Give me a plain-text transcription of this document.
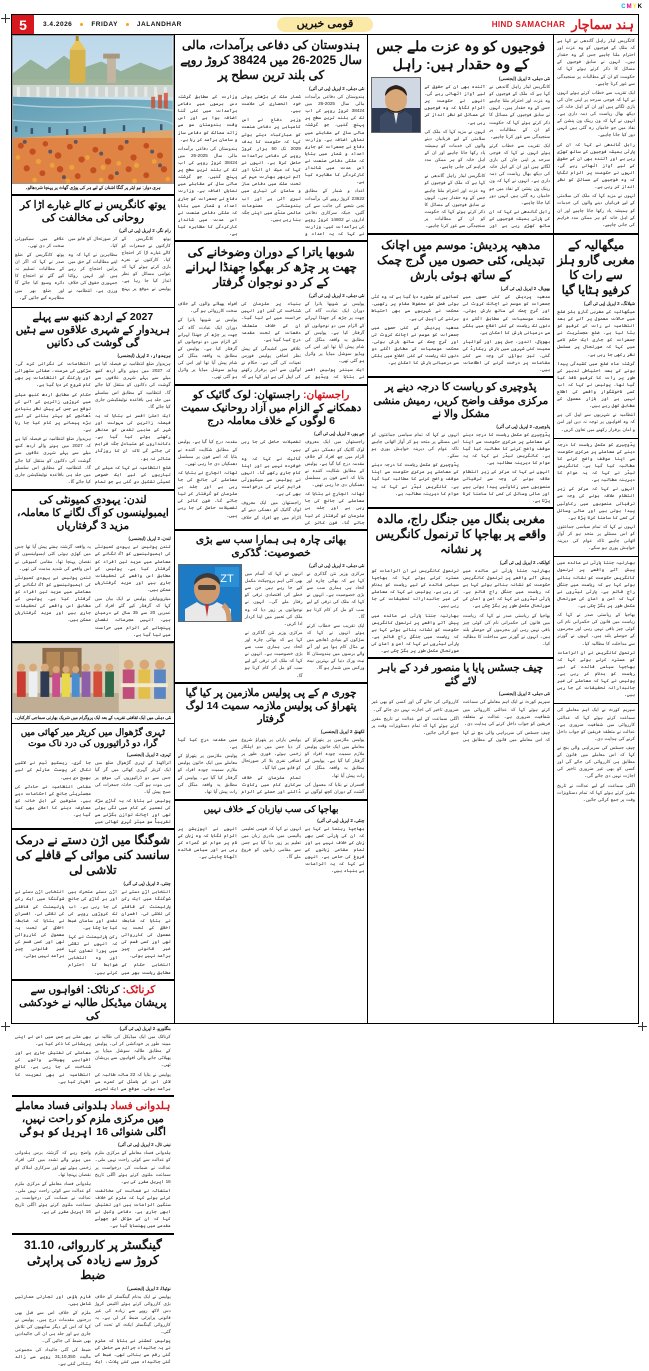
CMYK
5	3.4.2026	FRIDAY	JALANDHAR	قومی خبریں	HIND SAMACHAR ہند سماچار

کانگریس لیڈر راہل گاندھی نے کہا ہے کہ ملک کے فوجیوں کو وہ عزت اور احترام ملنا چاہیے جس کے وہ حقدار ہیں۔ انہوں نے سابق فوجیوں کے مسائل کا ذکر کرتے ہوئے کہا کہ حکومت کو ان کے مطالبات پر سنجیدگی سے غور کرنا چاہیے۔

ایک تقریب سے خطاب کرتے ہوئے انہوں نے کہا کہ فوجی سرحد پر اپنی جان کی بازی لگاتے ہیں اور ان کے اہل خانہ کی دیکھ بھال ریاست کی ذمہ داری ہے۔ انہوں نے کہا کہ ون رینک ون پنشن کے نفاذ میں جو خامیاں رہ گئی ہیں انہیں دور کیا جانا چاہیے۔

راہل گاندھی نے کہا کہ ان کی پارٹی ہمیشہ فوجیوں کے ساتھ کھڑی رہی ہے اور آئندہ بھی ان کے حقوق کے لیے آواز اٹھاتی رہے گی۔ انہوں نے حکومت پر الزام لگایا کہ وہ فوجیوں کے مسائل کو نظر انداز کر رہی ہے۔

انہوں نے مزید کہا کہ ملک کی سلامتی کے لیے قربانیاں دینے والوں کی خدمات کو ہمیشہ یاد رکھا جانا چاہیے اور ان کے اہل خانہ کو ہر ممکن مدد فراہم کی جانی چاہیے۔

میگھالیہ کے مغربی گارو ہلز سے رات کا کرفیو ہٹایا گیا
شیلانگ، 2 اپریل (پی ٹی آئی)

میگھالیہ کے مغربی گارو ہلز ضلع میں حالات معمول پر آنے کے بعد انتظامیہ نے رات کے کرفیو کو ہٹا لیا ہے۔ ضلع مجسٹریٹ نے جمعرات کو جاری ایک حکم نامے میں کہا کہ صورتحال پر مسلسل نظر رکھی جا رہی ہے۔

گزشتہ ماہ ضلع میں کشیدگی پیدا ہونے کے بعد احتیاطی تدبیر کے طور پر رات کا کرفیو نافذ کیا گیا تھا۔ پولیس نے کہا کہ اب کسی ناخوشگوار واقعے کی اطلاع نہیں ہے اور بازار معمول کے مطابق کھل رہے ہیں۔

انتظامیہ نے شہریوں سے اپیل کی ہے کہ وہ افواہوں پر توجہ نہ دیں اور امن و امان برقرار رکھنے میں تعاون کریں۔

پڈوچیری کو مکمل ریاست کا درجہ دینے کے معاملے پر مرکزی حکومت سے اپنا موقف واضح کرنے کا مطالبہ کیا گیا ہے۔ کانگریس لیڈر نے کہا کہ یہ عوام کا دیرینہ مطالبہ ہے۔

انہوں نے کہا کہ مرکز کے زیر انتظام علاقہ ہونے کی وجہ سے ترقیاتی منصوبوں میں رکاوٹیں پیدا ہوتی ہیں اور مالی وسائل کی کمی کا سامنا کرنا پڑتا ہے۔

انہوں نے کہا کہ تمام سیاسی جماعتوں کو اس مسئلے پر متحد ہو کر آواز اٹھانی چاہیے تاکہ عوام کی دیرینہ خواہش پوری ہو سکے۔

بھارتیہ جنتا پارٹی نے مالدہ میں پیش آئے واقعے پر ترنمول کانگریس حکومت کو نشانہ بناتے ہوئے کہا ہے کہ ریاست میں جنگل راج قائم ہے۔ پارٹی لیڈروں نے کہا کہ امن و امان کی صورتحال مکمل طور پر بگڑ چکی ہے۔

بھاجپا کے ریاستی صدر نے کہا کہ ریاست میں قانون کی حکمرانی نام کی کوئی چیز باقی نہیں رہی اور مجرموں کے حوصلے بلند ہیں۔ انہوں نے گورنر سے مداخلت کا مطالبہ کیا۔

ترنمول کانگریس نے ان الزامات کو مسترد کرتے ہوئے کہا کہ بھاجپا سیاسی فائدے کے لیے ریاست کو بدنام کر رہی ہے۔ پولیس نے کہا کہ معاملے کی غیر جانبدارانہ تحقیقات کی جا رہی ہیں۔

سپریم کورٹ نے ایک اہم معاملے کی سماعت کرتے ہوئے کہا کہ عدالتی کارروائی میں شفافیت ضروری ہے۔ عدالت نے متعلقہ فریقین کو جواب داخل کرنے کی ہدایت دی۔

چیف جسٹس کی سربراہی والی بنچ نے کہا کہ اس معاملے میں قانون کے مطابق ہی کارروائی کی جائے گی اور کسی کو بھی غیر ضروری تاخیر کی اجازت نہیں دی جائے گی۔

اگلی سماعت کے لیے عدالت نے تاریخ مقرر کرتے ہوئے کہا کہ تمام دستاویزات وقت پر جمع کرائی جائیں۔

فوجیوں کو وہ عزت ملے جس کے وہ حقدار ہیں: راہل
نئی دہلی، 2 اپریل (ایجنسی)

کانگریس لیڈر راہل گاندھی نے کہا ہے کہ ملک کے فوجیوں کو وہ عزت اور احترام ملنا چاہیے جس کے وہ حقدار ہیں۔ انہوں نے سابق فوجیوں کے مسائل کا ذکر کرتے ہوئے کہا کہ حکومت کو ان کے مطالبات پر سنجیدگی سے غور کرنا چاہیے۔

ایک تقریب سے خطاب کرتے ہوئے انہوں نے کہا کہ فوجی سرحد پر اپنی جان کی بازی لگاتے ہیں اور ان کے اہل خانہ کی دیکھ بھال ریاست کی ذمہ داری ہے۔ انہوں نے کہا کہ ون رینک ون پنشن کے نفاذ میں جو خامیاں رہ گئی ہیں انہیں دور کیا جانا چاہیے۔

راہل گاندھی نے کہا کہ ان کی پارٹی ہمیشہ فوجیوں کے ساتھ کھڑی رہی ہے اور آئندہ بھی ان کے حقوق کے لیے آواز اٹھاتی رہے گی۔ انہوں نے حکومت پر الزام لگایا کہ وہ فوجیوں کے مسائل کو نظر انداز کر رہی ہے۔

انہوں نے مزید کہا کہ ملک کی سلامتی کے لیے قربانیاں دینے والوں کی خدمات کو ہمیشہ یاد رکھا جانا چاہیے اور ان کے اہل خانہ کو ہر ممکن مدد فراہم کی جانی چاہیے۔

کانگریس لیڈر راہل گاندھی نے کہا ہے کہ ملک کے فوجیوں کو وہ عزت اور احترام ملنا چاہیے جس کے وہ حقدار ہیں۔ انہوں نے سابق فوجیوں کے مسائل کا ذکر کرتے ہوئے کہا کہ حکومت کو ان کے مطالبات پر سنجیدگی سے غور کرنا چاہیے۔

مدھیہ پردیش: موسم میں اچانک تبدیلی، کئی حصوں میں گرج چمک کے ساتھ ہوئی بارش
بھوپال، 2 اپریل (پی ٹی آئی)

مدھیہ پردیش کے کئی حصوں میں جمعرات کو موسم نے اچانک کروٹ لی اور گرج چمک کے ساتھ بارش ہوئی۔ محکمہ موسمیات کے مطابق اگلے دو دنوں تک ریاست کے کئی اضلاع میں ہلکی سے درمیانی بارش کا امکان ہے۔

بھوپال، اندور، جبل پور اور گوالیار سمیت کئی شہروں میں بارش ریکارڈ کی گئی۔ تیز ہواؤں کی وجہ سے کئی مقامات پر درخت گرنے کی اطلاعات ہیں۔

کسانوں کو مشورہ دیا گیا ہے کہ وہ کٹی ہوئی فصل کو محفوظ مقام پر رکھیں۔ محکمہ نے شہریوں سے بھی احتیاط برتنے کی اپیل کی ہے۔

مدھیہ پردیش کے کئی حصوں میں جمعرات کو موسم نے اچانک کروٹ لی اور گرج چمک کے ساتھ بارش ہوئی۔ محکمہ موسمیات کے مطابق اگلے دو دنوں تک ریاست کے کئی اضلاع میں ہلکی سے درمیانی بارش کا امکان ہے۔

پڈوچیری کو ریاست کا درجہ دینے پر مرکزی موقف واضح کریں، رمیش منشی مشکل والا نے
پڈوچیری، 2 اپریل (پی ٹی آئی)

پڈوچیری کو مکمل ریاست کا درجہ دینے کے معاملے پر مرکزی حکومت سے اپنا موقف واضح کرنے کا مطالبہ کیا گیا ہے۔ کانگریس لیڈر نے کہا کہ یہ عوام کا دیرینہ مطالبہ ہے۔

انہوں نے کہا کہ مرکز کے زیر انتظام علاقہ ہونے کی وجہ سے ترقیاتی منصوبوں میں رکاوٹیں پیدا ہوتی ہیں اور مالی وسائل کی کمی کا سامنا کرنا پڑتا ہے۔

انہوں نے کہا کہ تمام سیاسی جماعتوں کو اس مسئلے پر متحد ہو کر آواز اٹھانی چاہیے تاکہ عوام کی دیرینہ خواہش پوری ہو سکے۔

پڈوچیری کو مکمل ریاست کا درجہ دینے کے معاملے پر مرکزی حکومت سے اپنا موقف واضح کرنے کا مطالبہ کیا گیا ہے۔ کانگریس لیڈر نے کہا کہ یہ عوام کا دیرینہ مطالبہ ہے۔

مغربی بنگال میں جنگل راج، مالدہ واقعے پر بھاجپا کا ترنمول کانگریس پر نشانہ
کولکتہ، 2 اپریل (پی ٹی آئی)

بھارتیہ جنتا پارٹی نے مالدہ میں پیش آئے واقعے پر ترنمول کانگریس حکومت کو نشانہ بناتے ہوئے کہا ہے کہ ریاست میں جنگل راج قائم ہے۔ پارٹی لیڈروں نے کہا کہ امن و امان کی صورتحال مکمل طور پر بگڑ چکی ہے۔

بھاجپا کے ریاستی صدر نے کہا کہ ریاست میں قانون کی حکمرانی نام کی کوئی چیز باقی نہیں رہی اور مجرموں کے حوصلے بلند ہیں۔ انہوں نے گورنر سے مداخلت کا مطالبہ کیا۔

ترنمول کانگریس نے ان الزامات کو مسترد کرتے ہوئے کہا کہ بھاجپا سیاسی فائدے کے لیے ریاست کو بدنام کر رہی ہے۔ پولیس نے کہا کہ معاملے کی غیر جانبدارانہ تحقیقات کی جا رہی ہیں۔

بھارتیہ جنتا پارٹی نے مالدہ میں پیش آئے واقعے پر ترنمول کانگریس حکومت کو نشانہ بناتے ہوئے کہا ہے کہ ریاست میں جنگل راج قائم ہے۔ پارٹی لیڈروں نے کہا کہ امن و امان کی صورتحال مکمل طور پر بگڑ چکی ہے۔

چیف جسٹس پایا یا منصور فرد کے باہر لائے گئے
نئی دہلی، 2 اپریل (ایجنسی)

سپریم کورٹ نے ایک اہم معاملے کی سماعت کرتے ہوئے کہا کہ عدالتی کارروائی میں شفافیت ضروری ہے۔ عدالت نے متعلقہ فریقین کو جواب داخل کرنے کی ہدایت دی۔

چیف جسٹس کی سربراہی والی بنچ نے کہا کہ اس معاملے میں قانون کے مطابق ہی کارروائی کی جائے گی اور کسی کو بھی غیر ضروری تاخیر کی اجازت نہیں دی جائے گی۔

اگلی سماعت کے لیے عدالت نے تاریخ مقرر کرتے ہوئے کہا کہ تمام دستاویزات وقت پر جمع کرائی جائیں۔

ہندوستان کی دفاعی برآمدات، مالی سال 2025-26 میں 38424 کروڑ روپے کی بلند ترین سطح پر
نئی دہلی، 2 اپریل (پی ٹی آئی)

ہندوستان کی دفاعی برآمدات مالی سال 2025-26 میں 38424 کروڑ روپے کی اب تک کی بلند ترین سطح پر پہنچ گئیں، جو گزشتہ مالی سال کے مقابلے میں نمایاں اضافہ ہے۔ وزارت دفاع نے جمعرات کو جاری اعداد و شمار میں بتایا کہ ملکی دفاعی صنعت نے اس مدت میں شاندار کارکردگی کا مظاہرہ کیا ہے۔

اعداد و شمار کے مطابق 23622 کروڑ روپے کی برآمدات نجی شعبے کی جانب سے کی گئیں، جبکہ سرکاری دفاعی اداروں نے 14802 کروڑ روپے کی برآمدات کیں۔ وزارت نے کہا کہ یہ اعداد و شمار ملک کی بڑھتی ہوئی خود انحصاری کی علامت ہیں۔

وزیر دفاع نے اس کامیابی پر دفاعی صنعت کو مبارکباد دیتے ہوئے کہا کہ حکومت کا ہدف 2029 تک 50 ہزار کروڑ روپے کی دفاعی برآمدات حاصل کرنا ہے۔ انہوں نے کہا کہ میک ان انڈیا اور آتم نربھر بھارت مہم کے تحت ملک میں دفاعی ساز و سامان کی تیاری میں تیزی آئی ہے اور اب ہندوستانی مصنوعات عالمی منڈی میں اپنی جگہ بنا رہی ہیں۔

وزارت کے مطابق گزشتہ دس برسوں میں دفاعی برآمدات میں کئی گنا اضافہ ہوا ہے اور اس وقت ہندوستان سو سے زائد ممالک کو دفاعی ساز و سامان برآمد کر رہا ہے۔

ہندوستان کی دفاعی برآمدات مالی سال 2025-26 میں 38424 کروڑ روپے کی اب تک کی بلند ترین سطح پر پہنچ گئیں، جو گزشتہ مالی سال کے مقابلے میں نمایاں اضافہ ہے۔ وزارت دفاع نے جمعرات کو جاری اعداد و شمار میں بتایا کہ ملکی دفاعی صنعت نے اس مدت میں شاندار کارکردگی کا مظاہرہ کیا ہے۔

شوبھا یاترا کے دوران وضوخانے کی چھت پر چڑھ کر بھگوا جھنڈا لہرانے کے کر دو نوجوان گرفتار
نئی دہلی، 2 اپریل (پی ٹی آئی)

پولیس نے شوبھا یاترا کے دوران ایک عبادت گاہ کی چھت پر چڑھ کر جھنڈا لہرانے کے الزام میں دو نوجوانوں کو گرفتار کیا ہے۔ پولیس کے مطابق یہ واقعہ منگل کی شام پیش آیا تھا اور اس کی ویڈیو سوشل میڈیا پر وائرل ہو گئی تھی۔

ایک سینئر پولیس افسر نے بتایا کہ ویڈیو کی بنیاد پر ملزمان کی شناخت کی گئی اور انہیں حراست میں لے لیا گیا۔ ان کے خلاف متعلقہ دفعات کے تحت مقدمہ درج کیا گیا ہے۔

علاقے میں کشیدگی کے پیش نظر اضافی پولیس فورس تعینات کی گئی ہے۔ حکام نے لوگوں سے امن برقرار رکھنے کی اپیل کی ہے اور کہا ہے کہ افواہ پھیلانے والوں کے خلاف سخت کارروائی ہو گی۔

پولیس نے شوبھا یاترا کے دوران ایک عبادت گاہ کی چھت پر چڑھ کر جھنڈا لہرانے کے الزام میں دو نوجوانوں کو گرفتار کیا ہے۔ پولیس کے مطابق یہ واقعہ منگل کی شام پیش آیا تھا اور اس کی ویڈیو سوشل میڈیا پر وائرل ہو گئی تھی۔

راجستھان: راجستھان: لوک گائیک کو دھمکانے کے الزام میں آزاد روحانیک سمیت 6 لوگوں کے خلاف معاملہ درج
جے پور، 2 اپریل (پی ٹی آئی)

راجستھان میں ایک معروف لوک گائیک کو دھمکی دینے کے الزام میں چھ افراد کے خلاف مقدمہ درج کیا گیا ہے۔ پولیس کے مطابق شکایت کنندہ نے بتایا کہ اسے فون پر مسلسل دھمکیاں دی جا رہی تھیں۔

تھانہ انچارج نے بتایا کہ معاملے کی جانچ کی جا رہی ہے اور جلد ہی ملزمان کو گرفتار کر لیا جائے گا۔ فون کالز کی تفصیلات حاصل کی جا رہی ہیں۔

گائیک نے کہا کہ وہ خوفزدہ نہیں ہے اور اپنا کام جاری رکھے گا۔ انہوں نے پولیس سے سیکیورٹی فراہم کرنے کی درخواست بھی کی ہے۔

راجستھان میں ایک معروف لوک گائیک کو دھمکی دینے کے الزام میں چھ افراد کے خلاف مقدمہ درج کیا گیا ہے۔ پولیس کے مطابق شکایت کنندہ نے بتایا کہ اسے فون پر مسلسل دھمکیاں دی جا رہی تھیں۔

تھانہ انچارج نے بتایا کہ معاملے کی جانچ کی جا رہی ہے اور جلد ہی ملزمان کو گرفتار کر لیا جائے گا۔ فون کالز کی تفصیلات حاصل کی جا رہی ہیں۔

بھائی چارہ ہی ہمارا سب سے بڑی خصوصیت: گڈکری
ZT
نئی دہلی، 2 اپریل (پی ٹی آئی)

مرکزی وزیر نتن گڈکری نے کہا ہے کہ بھائی چارہ اور اتحاد ہی ہماری سب سے بڑی خصوصیت ہے۔ انہوں نے کہا کہ ملک کی ترقی کے لیے سب کو مل کر کام کرنا ہو گا۔

ایک تقریب سے خطاب کرتے ہوئے انہوں نے کہا کہ سڑکوں کے بنیادی ڈھانچے میں بے مثال کام ہوا ہے اور آنے والے برسوں میں ہندوستان کا نیٹ ورک دنیا کے بہترین نیٹ ورکس میں شمار ہو گا۔

انہوں نے کہا کہ آسام میں بھی کئی اہم پروجیکٹ مکمل کیے جا رہے ہیں جن سے خطے کی اقتصادی ترقی کو رفتار ملے گی۔ انہوں نے نوجوانوں پر زور دیا کہ وہ ملک کی تعمیر میں اپنا کردار ادا کریں۔

مرکزی وزیر نتن گڈکری نے کہا ہے کہ بھائی چارہ اور اتحاد ہی ہماری سب سے بڑی خصوصیت ہے۔ انہوں نے کہا کہ ملک کی ترقی کے لیے سب کو مل کر کام کرنا ہو گا۔

چوری م کے پی پولیس ملازمین پر کیا گیا پتھراؤ کی پولیس ملازمہ سمیت 14 لوگ گرفتار
لکھنؤ، 2 اپریل (ایجنسی)

پولیس ملازمین پر پتھراؤ کے معاملے میں ایک خاتون پولیس ملازم سمیت چودہ افراد کو گرفتار کیا گیا ہے۔ پولیس کے مطابق یہ واقعہ منگل کی رات پیش آیا تھا۔

افسران نے بتایا کہ معمول کی گشت کے دوران کچھ لوگوں نے پولیس پارٹی پر پتھراؤ شروع کر دیا جس میں دو اہلکار زخمی ہوئے۔ فوری طور پر اضافی نفری بلا کر صورتحال کو قابو میں کیا گیا۔

تمام ملزمان کے خلاف سرکاری کام میں رکاوٹ ڈالنے اور حملے کے الزام میں مقدمہ درج کیا گیا ہے۔

پولیس ملازمین پر پتھراؤ کے معاملے میں ایک خاتون پولیس ملازم سمیت چودہ افراد کو گرفتار کیا گیا ہے۔ پولیس کے مطابق یہ واقعہ منگل کی رات پیش آیا تھا۔

بھاجپا کی سب نیازبان کے خلاف نہیں
چنئی، 2 اپریل (پی ٹی آئی)

بھاجپا رہنما نے کہا ہے کہ ان کی پارٹی کسی بھی زبان کے خلاف نہیں ہے اور تمام مقامی زبانوں کے فروغ کی حامی ہے۔ انہوں نے کہا کہ یہ الزامات بے بنیاد ہیں۔

انہوں نے کہا کہ قومی تعلیمی پالیسی میں مادری زبان میں تعلیم پر زور دیا گیا ہے جس سے مقامی زبانوں کو فروغ ملے گا۔

انہوں نے اپوزیشن پر الزام لگایا کہ وہ زبان کے نام پر عوام کو گمراہ کر رہی ہے اور سیاسی فائدہ اٹھانا چاہتی ہے۔

ہری دوار: نیو ایئر پر گنگا اشنان کے لیے ہر کی پوڑی گھاٹ پر پہنچا شردھالو۔
یوتھ کانگریس نے کالے غبارے اڑا کر روحانی کی مخالفت کی
رام نگر، 2 اپریل (پی ٹی آئی)

یوتھ کانگریس کے کارکنوں نے جمعرات کو کالے غبارے اڑا کر احتجاج کیا۔ کارکنوں نے نعرے بازی کرتے ہوئے کہا کہ عوامی مسائل کو نظر انداز کیا جا رہا ہے۔ پولیس نے موقع پر پہنچ کر صورتحال کو قابو میں کیا۔

مظاہرین نے کہا کہ وہ اپنے مطالبات کے حق میں پرامن احتجاج کر رہے ہیں اور انہیں روکنا جمہوری حقوق کی خلاف ورزی ہے۔ انتظامیہ نے علاقے میں سیکیورٹی سخت کر دی تھی۔

یوتھ کانگریس کے ضلع صدر نے کہا کہ اگر ان کے مطالبات تسلیم نہ کیے گئے تو احتجاج کا دائرہ وسیع کیا جائے گا اور ضلع بھر میں مظاہرے کیے جائیں گے۔

2027 کے اردھ کنبھ سے پہلے ہریدوار کے شہری علاقوں سے ہٹیں گی گوشت کی دکانیں
ہریدوار، 2 اپریل (ایجنسی)

ہریدوار ضلع انتظامیہ نے فیصلہ کیا ہے کہ 2027 میں ہونے والے اردھ کنبھ میلے سے پہلے شہری علاقوں سے گوشت کی دکانوں کو منتقل کیا جائے گا۔ انتظامیہ کے مطابق اس سلسلے میں جلد ہی باقاعدہ نوٹیفکیشن جاری کیا جائے گا۔

ایک اعلیٰ افسر نے بتایا کہ یہ فیصلہ زائرین کی سہولت اور شہر کے مذہبی تقدس کو مدنظر رکھتے ہوئے کیا گیا ہے۔ دکانداروں کو متبادل جگہ فراہم کی جائے گی تاکہ ان کا روزگار متاثر نہ ہو۔

ضلع انتظامیہ نے کہا کہ میلے کی تیاریوں کے لیے ایک خصوصی کمیٹی تشکیل دی گئی ہے جو تمام انتظامات کی نگرانی کرے گی۔ سڑکوں کی مرمت، صفائی ستھرائی اور پارکنگ کے انتظامات پر بھی کام شروع کر دیا گیا ہے۔

حکام کے مطابق اردھ کنبھ میلے میں کروڑوں زائرین کے آنے کی توقع ہے جس کے پیش نظر بنیادی ڈھانچے کو بہتر بنانے کے لیے بڑے پیمانے پر کام کیا جا رہا ہے۔

ہریدوار ضلع انتظامیہ نے فیصلہ کیا ہے کہ 2027 میں ہونے والے اردھ کنبھ میلے سے پہلے شہری علاقوں سے گوشت کی دکانوں کو منتقل کیا جائے گا۔ انتظامیہ کے مطابق اس سلسلے میں جلد ہی باقاعدہ نوٹیفکیشن جاری کیا جائے گا۔

لندن: یہودی کمیونٹی کی ایمبولینسوں کو آگ لگانے کا معاملہ، مزید 3 گرفتاریاں
لندن، 2 اپریل (ایجنسی)

لندن پولیس نے یہودی کمیونٹی کی ایمبولینسوں کو آگ لگانے کے معاملے میں مزید تین افراد کو گرفتار کیا ہے۔ پولیس کے مطابق اس واقعے کی تحقیقات جاری ہیں اور مزید گرفتاریاں ممکن ہیں۔

میٹروپولیٹن پولیس نے ایک بیان میں کہا کہ گرفتار کیے گئے افراد کی عمریں 20 سے 35 سال کے درمیان ہیں۔ انہیں مجرمانہ نقصان پہنچانے کے الزام میں حراست میں لیا گیا ہے۔

یہ واقعہ گزشتہ ہفتے پیش آیا تھا جس میں کھڑی ہوئی کئی ایمبولینسوں کو نقصان پہنچا تھا۔ مقامی کمیونٹی نے اس واقعے کی شدید مذمت کی تھی۔

لندن پولیس نے یہودی کمیونٹی کی ایمبولینسوں کو آگ لگانے کے معاملے میں مزید تین افراد کو گرفتار کیا ہے۔ پولیس کے مطابق اس واقعے کی تحقیقات جاری ہیں اور مزید گرفتاریاں ممکن ہیں۔

نئی دہلی میں ایک ثقافتی تقریب کے بعد ایک پروگرام میں شریک بھارتی سماجی کارکنان۔
ٹہری گڑھوال میں کریٹر میر کھائی میں گرا، دو ڈرائیوروں کی درد ناک موت
ٹہری، 2 اپریل (ایجنسی)

اتراکھنڈ کے ٹہری گڑھوال ضلع میں ایک کریٹر گہری کھائی میں گر گیا جس سے دو ڈرائیوروں کی موقع پر ہی موت ہو گئی۔ حادثہ جمعرات کی صبح پیش آیا۔

پولیس نے بتایا کہ یہ گاڑی سڑک کی تعمیر کے کام میں لگی ہوئی تھی اور اچانک توازن بگڑنے سے تقریباً سو میٹر گہری کھائی میں جا گری۔ ریسکیو ٹیم نے لاشیں نکال کر پوسٹ مارٹم کے لیے بھیج دی ہیں۔

مقامی انتظامیہ نے حادثے کی مجسٹریٹی جانچ کے احکامات دیے ہیں۔ متوفین کے اہل خانہ کو معاوضہ دینے کا اعلان بھی کیا گیا ہے۔

شوگنگا میں اڑن دستے نے درمک سانسد کنی موائی کے قافلے کی تلاشی لی
چنئی، 2 اپریل (پی ٹی آئی)

انتخابی اڑن دستے نے شوگنگا میں ایک رکن پارلیمنٹ کے قافلے کی تلاشی لی۔ افسران نے بتایا کہ ضابطہ اخلاق کے تحت یہ معمول کی کارروائی تھی اور کسی قسم کی غیر قانونی چیز برآمد نہیں ہوئی۔

انتخابی حکام کے مطابق ریاست بھر میں اڑن دستے متحرک ہیں اور ہر گاڑی کی جانچ کی جا رہی ہے۔ اب تک کروڑوں روپے کی نقدی اور سامان ضبط کیا جا چکا ہے۔

رکن پارلیمنٹ نے کہا کہ انہوں نے تلاشی میں پورا تعاون کیا اور وہ انتخابی ضوابط کا احترام کرتے ہیں۔

انتخابی اڑن دستے نے شوگنگا میں ایک رکن پارلیمنٹ کے قافلے کی تلاشی لی۔ افسران نے بتایا کہ ضابطہ اخلاق کے تحت یہ معمول کی کارروائی تھی اور کسی قسم کی غیر قانونی چیز برآمد نہیں ہوئی۔

کرناٹک: کرناٹک: افواہوں سے پریشان میڈیکل طالبہ نے خودکشی کی
بنگلورو، 2 اپریل (پی ٹی آئی)

کرناٹک میں ایک میڈیکل کی طالبہ نے مبینہ طور پر خودکشی کر لی۔ پولیس کے مطابق طالبہ سوشل میڈیا پر پھیلائی جانے والی افواہوں سے پریشان تھی۔

پولیس نے بتایا کہ 22 سالہ طالبہ کی لاش اس کے ہاسٹل کے کمرے سے برآمد ہوئی۔ موقع سے ایک تحریر بھی ملی ہے جس میں اس نے اپنی پریشانی کا ذکر کیا ہے۔

معاملے کی تفتیش جاری ہے اور افواہیں پھیلانے والوں کی شناخت کی جا رہی ہے۔ کالج انتظامیہ نے بھی تعزیت کا اظہار کیا ہے۔

ہلدوانی فساد ہلدوانی فساد معاملے میں مرکزی ملزم کو راحت نہیں، اگلی شنوائی 16 اپریل کو ہوگی
نینی تال، 2 اپریل (پی ٹی آئی)

ہلدوانی فساد معاملے کے مرکزی ملزم کو عدالت سے کوئی راحت نہیں ملی۔ عدالت نے ضمانت کی درخواست پر سماعت ملتوی کرتے ہوئے اگلی تاریخ 16 اپریل مقرر کی ہے۔

استغاثہ نے ضمانت کی مخالفت کرتے ہوئے کہا کہ ملزم کے خلاف سنگین الزامات ہیں اور تفتیش ابھی جاری ہے۔ دفاعی وکیل نے کہا کہ ان کے مؤکل کو جھوٹے مقدمے میں پھنسایا گیا ہے۔

واضح رہے کہ گزشتہ برس ہلدوانی میں ہونے والے تشدد میں کئی افراد زخمی ہوئے تھے اور سرکاری املاک کو نقصان پہنچا تھا۔

ہلدوانی فساد معاملے کے مرکزی ملزم کو عدالت سے کوئی راحت نہیں ملی۔ عدالت نے ضمانت کی درخواست پر سماعت ملتوی کرتے ہوئے اگلی تاریخ 16 اپریل مقرر کی ہے۔

گینگسٹر پر کارروائی، 31.10 کروڑ سے زیادہ کی پراپرٹی ضبط
نوئیڈا، 2 اپریل (ایجنسی)

پولیس نے ایک بدنام گینگسٹر کے خلاف بڑی کارروائی کرتے ہوئے اکتیس کروڑ دس لاکھ روپے سے زیادہ کی غیر قانونی پراپرٹی ضبط کر لی ہے۔ یہ کارروائی گینگسٹر ایکٹ کے تحت کی گئی۔

پولیس کمشنر نے بتایا کہ ملزم نے یہ جائیداد جرائم سے حاصل کی گئی رقم سے بنائی تھی۔ ضبط کی گئی جائیداد میں کئی پلاٹ، ایک فارم ہاؤس اور تجارتی عمارتیں شامل ہیں۔

ملزم کے خلاف اس سے قبل بھی درجنوں مقدمات درج ہیں۔ پولیس نے کہا کہ اس کے دیگر ساتھیوں کی تلاش جاری ہے اور جلد ہی ان کی جائیدادیں بھی ضبط کی جائیں گی۔

ضبط کی گئی جائیداد کی مجموعی مالیت 31,10,350 روپے سے زائد بتائی گئی ہے۔
